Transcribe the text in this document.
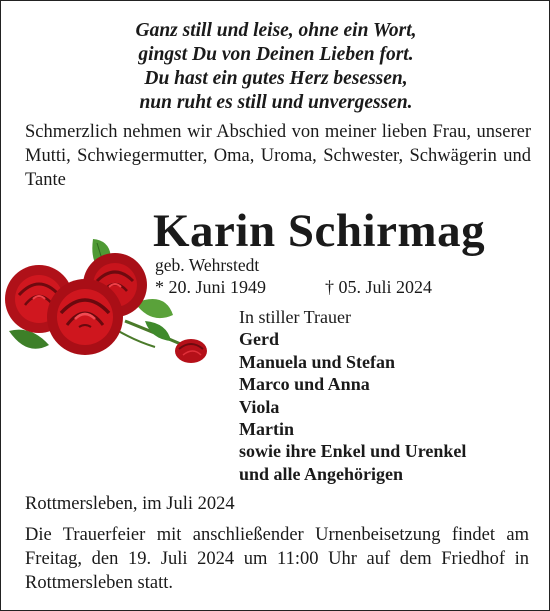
Ganz still und leise, ohne ein Wort,
gingst Du von Deinen Lieben fort.
Du hast ein gutes Herz besessen,
nun ruht es still und unvergessen.
Schmerzlich nehmen wir Abschied von meiner lieben Frau, unserer Mutti, Schwiegermutter, Oma, Uroma, Schwester, Schwägerin und Tante
Karin Schirmag
geb. Wehrstedt
* 20. Juni 1949	† 05. Juli 2024
In stiller Trauer
Gerd
Manuela und Stefan
Marco und Anna
Viola
Martin
sowie ihre Enkel und Urenkel
und alle Angehörigen
Rottmersleben, im Juli 2024
Die Trauerfeier mit anschließender Urnenbeisetzung findet am Freitag, den 19. Juli 2024 um 11:00 Uhr auf dem Friedhof in Rottmersleben statt.
